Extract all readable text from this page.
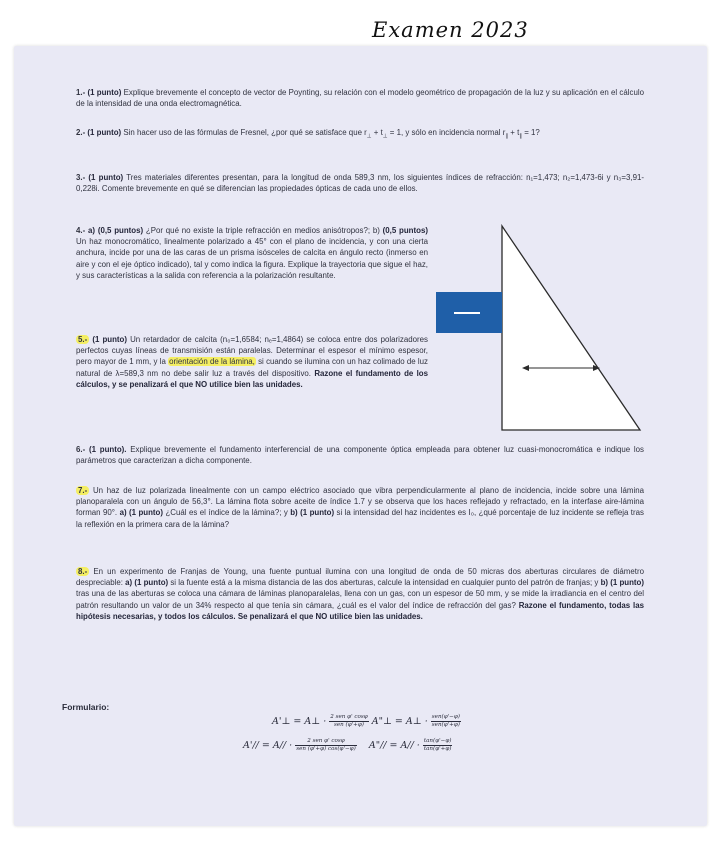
Examen 2023
1.- (1 punto) Explique brevemente el concepto de vector de Poynting, su relación con el modelo geométrico de propagación de la luz y su aplicación en el cálculo de la intensidad de una onda electromagnética.
2.- (1 punto) Sin hacer uso de las fórmulas de Fresnel, ¿por qué se satisface que $r_\perp + t_\perp = 1$, y sólo en incidencia normal $r_\parallel + t_\parallel = 1$?
3.- (1 punto) Tres materiales diferentes presentan, para la longitud de onda 589,3 nm, los siguientes índices de refracción: n₁=1,473; n₂=1,473-6i y n₃=3,91-0,228i. Comente brevemente en qué se diferencian las propiedades ópticas de cada uno de ellos.
4.- a) (0,5 puntos) ¿Por qué no existe la triple refracción en medios anisótropos?; b) (0,5 puntos) Un haz monocromático, linealmente polarizado a 45° con el plano de incidencia, y con una cierta anchura, incide por una de las caras de un prisma isósceles de calcita en ángulo recto (inmerso en aire y con el eje óptico indicado), tal y como indica la figura. Explique la trayectoria que sigue el haz, y sus características a la salida con referencia a la polarización resultante.
5.- (1 punto) Un retardador de calcita (n₀=1,6584; nₑ=1,4864) se coloca entre dos polarizadores perfectos cuyas líneas de transmisión están paralelas. Determinar el espesor el mínimo espesor, pero mayor de 1 mm, y la orientación de la lámina, si cuando se ilumina con un haz colimado de luz natural de λ=589,3 nm no debe salir luz a través del dispositivo. Razone el fundamento de los cálculos, y se penalizará el que NO utilice bien las unidades.
6.- (1 punto). Explique brevemente el fundamento interferencial de una componente óptica empleada para obtener luz cuasi-monocromática e indique los parámetros que caracterizan a dicha componente.
7.- Un haz de luz polarizada linealmente con un campo eléctrico asociado que vibra perpendicularmente al plano de incidencia, incide sobre una lámina planoparalela con un ángulo de 56,3°. La lámina flota sobre aceite de índice 1.7 y se observa que los haces reflejado y refractado, en la interfase aire-lámina forman 90°. a) (1 punto) ¿Cuál es el índice de la lámina?; y b) (1 punto) si la intensidad del haz incidentes es I₀, ¿qué porcentaje de luz incidente se refleja tras la reflexión en la primera cara de la lámina?
8.- En un experimento de Franjas de Young, una fuente puntual ilumina con una longitud de onda de 50 micras dos aberturas circulares de diámetro despreciable: a) (1 punto) si la fuente está a la misma distancia de las dos aberturas, calcule la intensidad en cualquier punto del patrón de franjas; y b) (1 punto) tras una de las aberturas se coloca una cámara de láminas planoparalelas, llena con un gas, con un espesor de 50 mm, y se mide la irradiancia en el centro del patrón resultando un valor de un 34% respecto al que tenía sin cámara, ¿cuál es el valor del índice de refracción del gas? Razone el fundamento, todas las hipótesis necesarias, y todos los cálculos. Se penalizará el que NO utilice bien las unidades.
Formulario:
A'⊥ = A⊥ · 2 sen φ' cosφ
sen (φ'+φ) A"⊥ = A⊥ · sen(φ'−φ)
sen(φ'+φ)
A'// = A// ·	2 sen φ' cosφ
sen (φ'+φ) cos(φ'−φ) A"// = $A// \cdot \frac{\tan(\varphi'-\varphi)}{\tan(\varphi'+\varphi)}$
